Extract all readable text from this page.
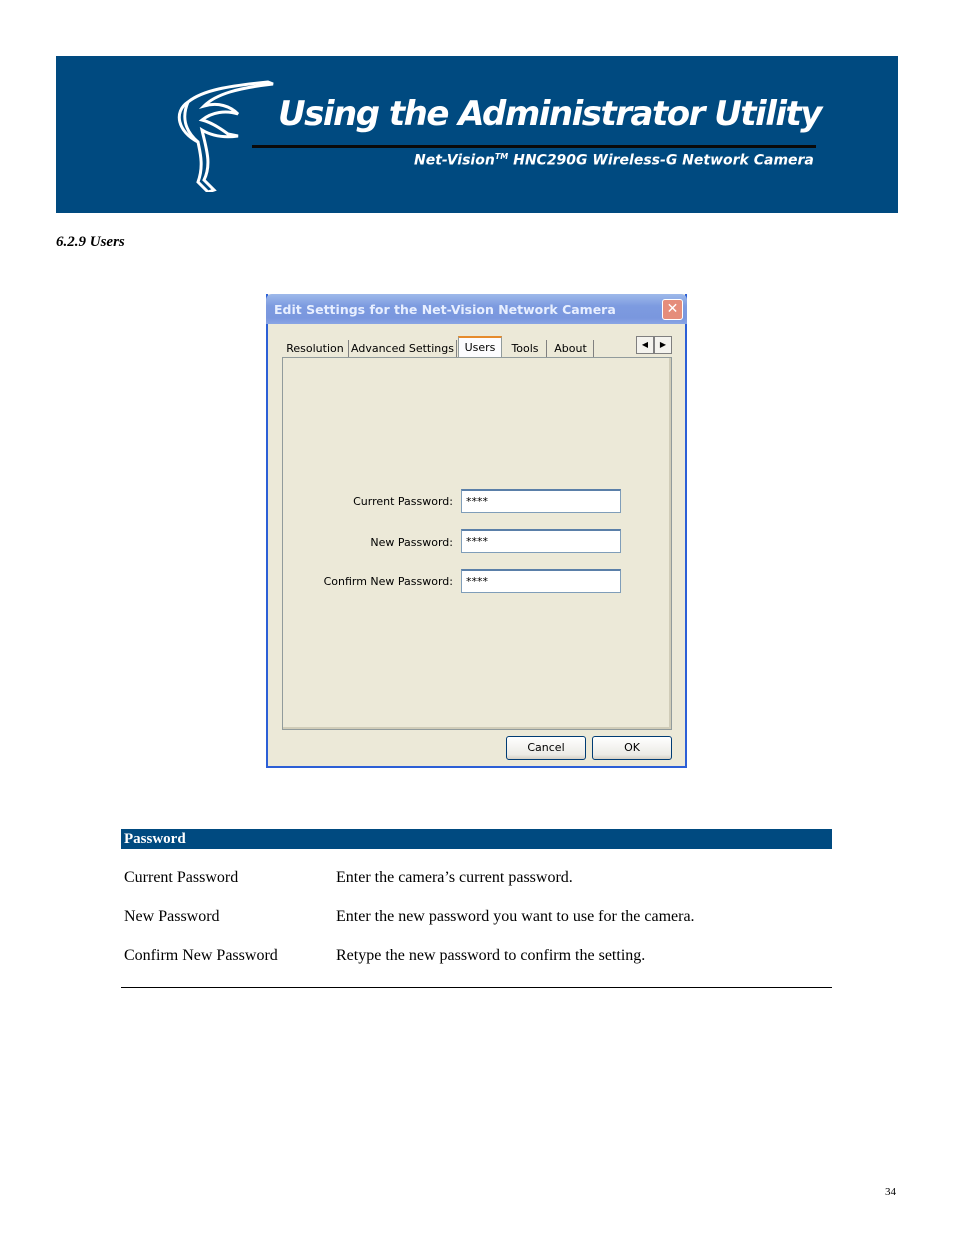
Using the Administrator Utility
Net-Vision™ HNC290G Wireless-G Network Camera
6.2.9 Users
Edit Settings for the Net-Vision Network Camera	✕
Resolution Advanced Settings Users	Tools	About	◀	▶
Current Password:
****
New Password:
****
Confirm New Password:
****
Cancel	OK
Password
Current Password	Enter the camera’s current password.
New Password	Enter the new password you want to use for the camera.
Confirm New Password	Retype the new password to confirm the setting.
34
